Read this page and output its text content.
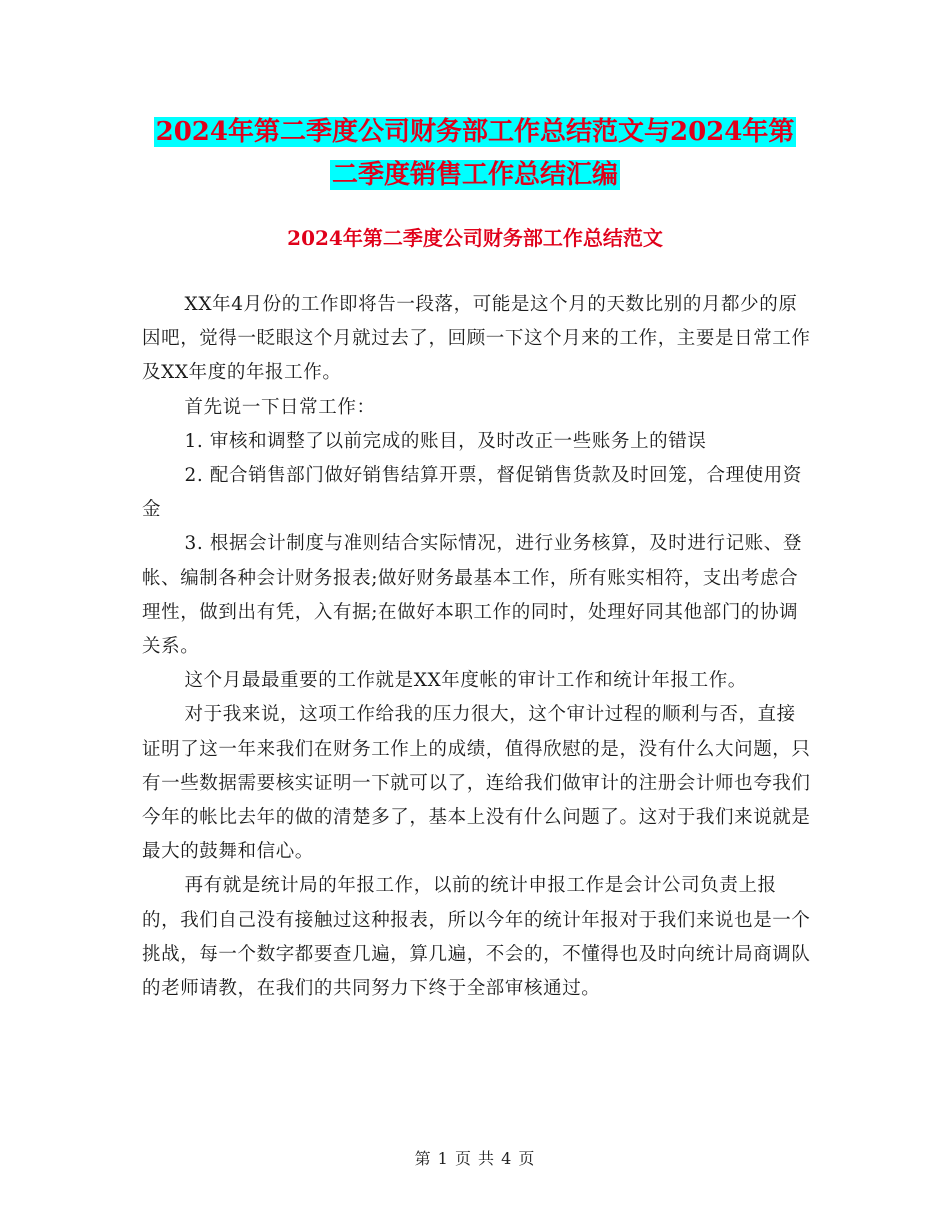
2024年第二季度公司财务部工作总结范文与2024年第
二季度销售工作总结汇编
2024年第二季度公司财务部工作总结范文

XX年4月份的工作即将告一段落，可能是这个月的天数比别的月都少的原因吧，觉得一眨眼这个月就过去了，回顾一下这个月来的工作，主要是日常工作及XX年度的年报工作。

首先说一下日常工作：

1. 审核和调整了以前完成的账目，及时改正一些账务上的错误

2. 配合销售部门做好销售结算开票，督促销售货款及时回笼，合理使用资金

3. 根据会计制度与准则结合实际情况，进行业务核算，及时进行记账、登帐、编制各种会计财务报表;做好财务最基本工作，所有账实相符，支出考虑合理性，做到出有凭，入有据;在做好本职工作的同时，处理好同其他部门的协调关系。

这个月最最重要的工作就是XX年度帐的审计工作和统计年报工作。

对于我来说，这项工作给我的压力很大，这个审计过程的顺利与否，直接证明了这一年来我们在财务工作上的成绩，值得欣慰的是，没有什么大问题，只有一些数据需要核实证明一下就可以了，连给我们做审计的注册会计师也夸我们今年的帐比去年的做的清楚多了，基本上没有什么问题了。这对于我们来说就是最大的鼓舞和信心。

再有就是统计局的年报工作，以前的统计申报工作是会计公司负责上报的，我们自己没有接触过这种报表，所以今年的统计年报对于我们来说也是一个挑战，每一个数字都要查几遍，算几遍，不会的，不懂得也及时向统计局商调队的老师请教，在我们的共同努力下终于全部审核通过。

第 1 页 共 4 页
